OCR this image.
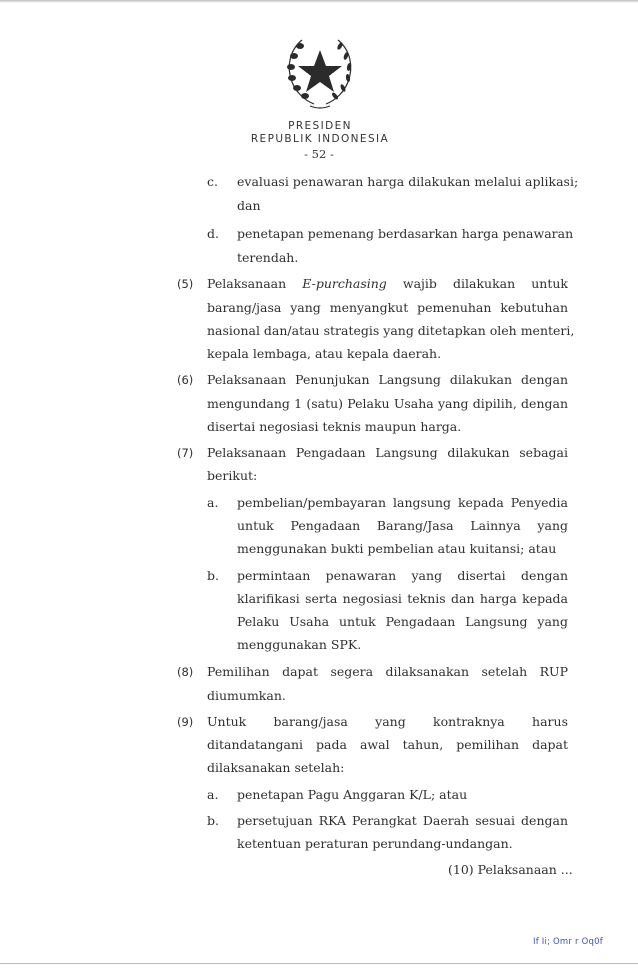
PRESIDEN
REPUBLIK INDONESIA
- 52 -
c. evaluasi penawaran harga dilakukan melalui aplikasi;
dan
d. penetapan pemenang berdasarkan harga penawaran
terendah.
(5) Pelaksanaan E-purchasing wajib dilakukan untuk
barang/jasa yang menyangkut pemenuhan kebutuhan
nasional dan/atau strategis yang ditetapkan oleh menteri,
kepala lembaga, atau kepala daerah.
(6) Pelaksanaan Penunjukan Langsung dilakukan dengan
mengundang 1 (satu) Pelaku Usaha yang dipilih, dengan
disertai negosiasi teknis maupun harga.
(7) Pelaksanaan Pengadaan Langsung dilakukan sebagai
berikut:
a. pembelian/pembayaran langsung kepada Penyedia
untuk Pengadaan Barang/Jasa Lainnya yang
menggunakan bukti pembelian atau kuitansi; atau
b. permintaan penawaran yang disertai dengan
klarifikasi serta negosiasi teknis dan harga kepada
Pelaku Usaha untuk Pengadaan Langsung yang
menggunakan SPK.
(8) Pemilihan dapat segera dilaksanakan setelah RUP
diumumkan.
(9) Untuk barang/jasa yang kontraknya harus
ditandatangani pada awal tahun, pemilihan dapat
dilaksanakan setelah:
a. penetapan Pagu Anggaran K/L; atau
b. persetujuan RKA Perangkat Daerah sesuai dengan
ketentuan peraturan perundang-undangan.
(10) Pelaksanaan ...
If Ii; Omr r Oq0f
